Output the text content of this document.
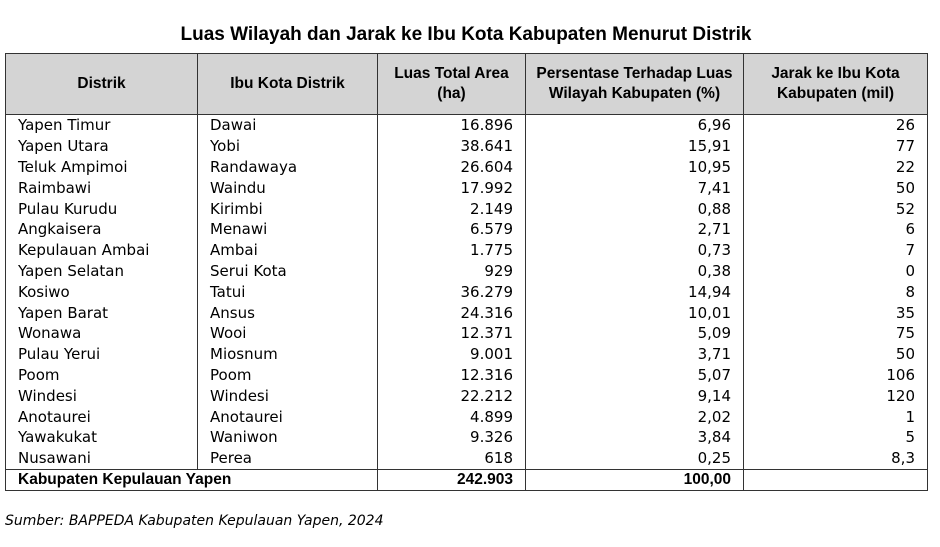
Luas Wilayah dan Jarak ke Ibu Kota Kabupaten Menurut Distrik
Distrik	Ibu Kota Distrik	Luas Total Area (ha)	Persentase Terhadap Luas Wilayah Kabupaten (%)	Jarak ke Ibu Kota Kabupaten (mil)
Yapen Timur	Dawai	16.896	6,96	26
Yapen Utara	Yobi	38.641	15,91	77
Teluk Ampimoi	Randawaya	26.604	10,95	22
Raimbawi	Waindu	17.992	7,41	50
Pulau Kurudu	Kirimbi	2.149	0,88	52
Angkaisera	Menawi	6.579	2,71	6
Kepulauan Ambai	Ambai	1.775	0,73	7
Yapen Selatan	Serui Kota	929	0,38	0
Kosiwo	Tatui	36.279	14,94	8
Yapen Barat	Ansus	24.316	10,01	35
Wonawa	Wooi	12.371	5,09	75
Pulau Yerui	Miosnum	9.001	3,71	50
Poom	Poom	12.316	5,07	106
Windesi	Windesi	22.212	9,14	120
Anotaurei	Anotaurei	4.899	2,02	1
Yawakukat	Waniwon	9.326	3,84	5
Nusawani	Perea	618	0,25	8,3
Kabupaten Kepulauan Yapen		242.903	100,00	
Sumber: BAPPEDA Kabupaten Kepulauan Yapen, 2024
